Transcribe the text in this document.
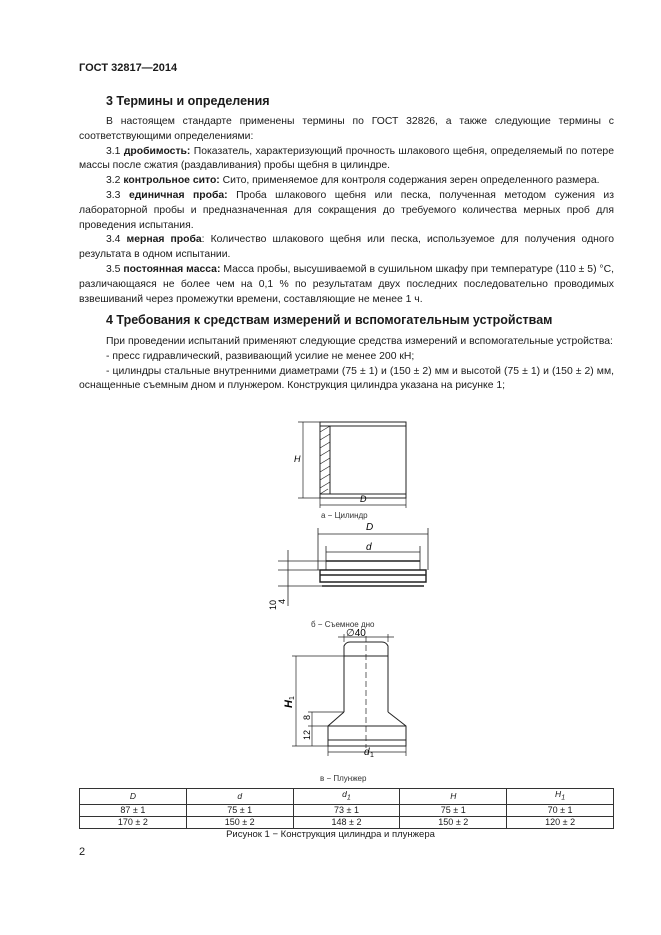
ГОСТ 32817—2014
3 Термины и определения

В настоящем стандарте применены термины по ГОСТ 32826, а также следующие термины с соответствующими определениями:

3.1 дробимость: Показатель, характеризующий прочность шлакового щебня, определяемый по потере массы после сжатия (раздавливания) пробы щебня в цилиндре.

3.2 контрольное сито: Сито, применяемое для контроля содержания зерен определенного размера.

3.3 единичная проба: Проба шлакового щебня или песка, полученная методом сужения из лабораторной пробы и предназначенная для сокращения до требуемого количества мерных проб для проведения испытания.

3.4 мерная проба: Количество шлакового щебня или песка, используемое для получения одного результата в одном испытании.

3.5 постоянная масса: Масса пробы, высушиваемой в сушильном шкафу при температуре (110 ± 5) °С, различающаяся не более чем на 0,1 % по результатам двух последних последовательно проводимых взвешиваний через промежутки времени, составляющие не менее 1 ч.

4 Требования к средствам измерений и вспомогательным устройствам

При проведении испытаний применяют следующие средства измерений и вспомогательные устройства:

- пресс гидравлический, развивающий усилие не менее 200 кН;

- цилиндры стальные внутренними диаметрами (75 ± 1) и (150 ± 2) мм и высотой (75 ± 1) и (150 ± 2) мм, оснащенные съемным дном и плунжером. Конструкция цилиндра указана на рисунке 1;

H
D
а − Цилиндр
D
d
10 4
б − Съемное дно
∅40
H
1
8
12
d 1
в − Плунжер
D	d	$d_1$	H	$H_1$
87 ± 1	75 ± 1	73 ± 1	75 ± 1	70 ± 1
170 ± 2	150 ± 2	148 ± 2	150 ± 2	120 ± 2
Рисунок 1 − Конструкция цилиндра и плунжера
2
